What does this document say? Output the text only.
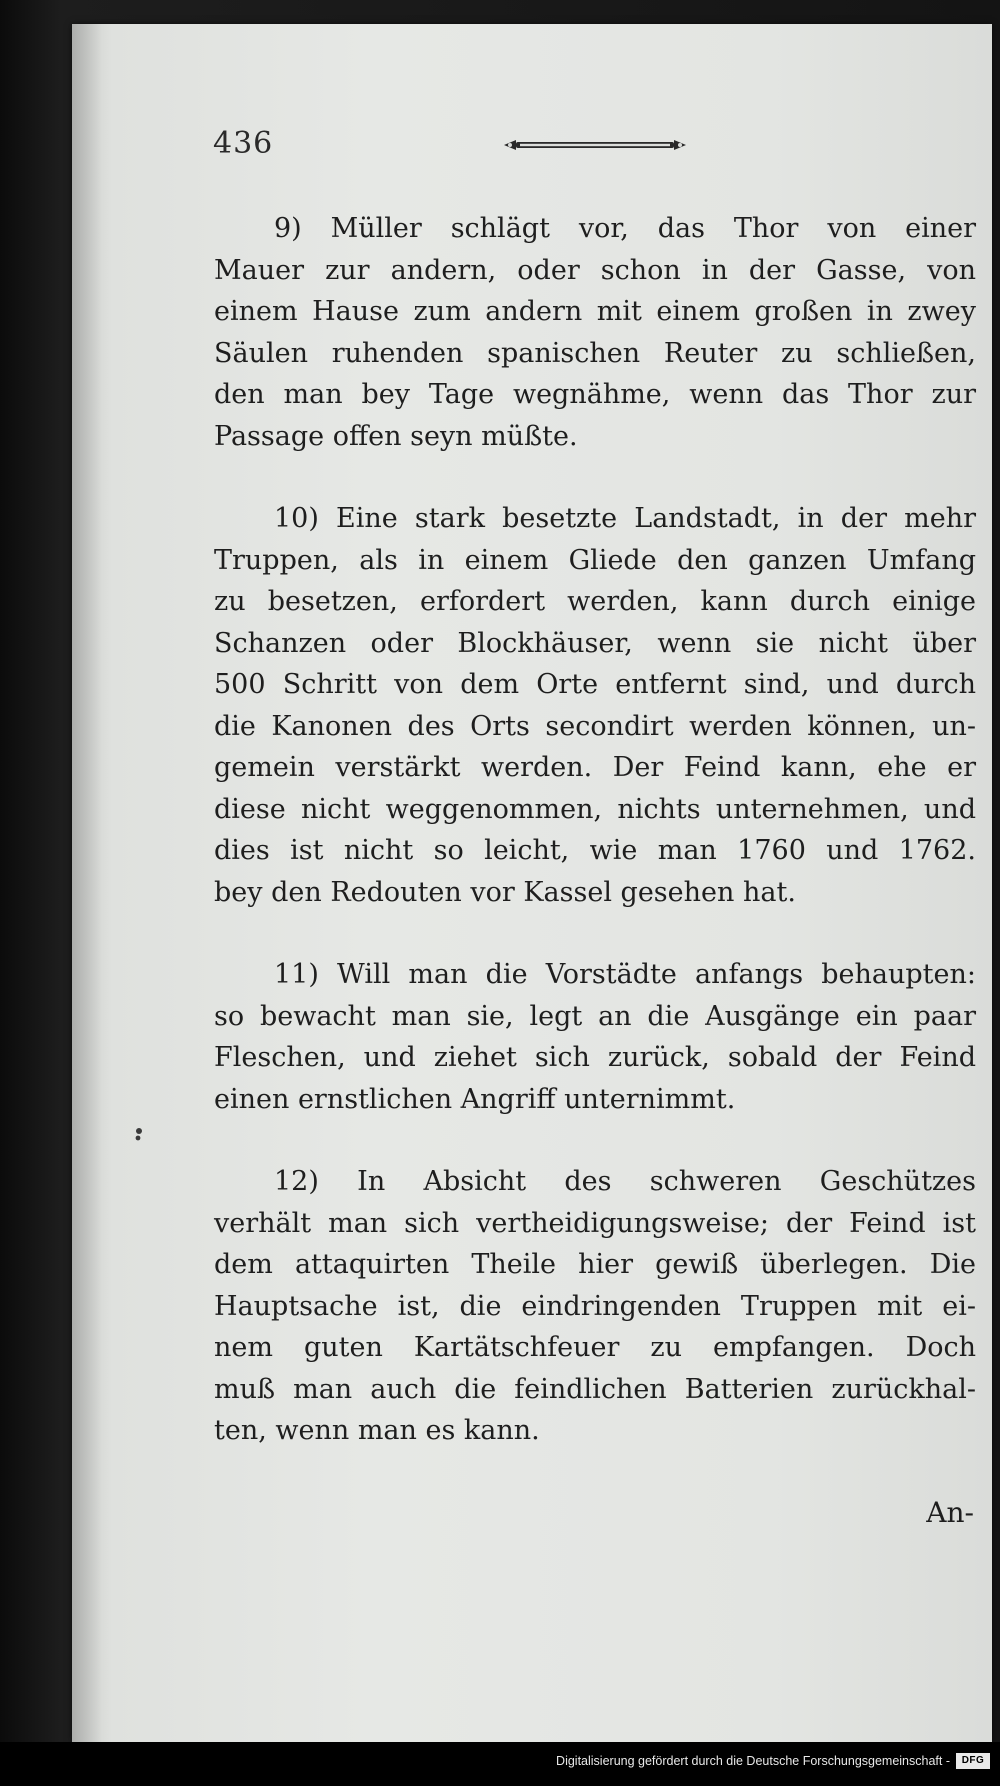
436

9) Müller schlägt vor, das Thor von einer
Mauer zur andern, oder schon in der Gasse, von
einem Hause zum andern mit einem großen in zwey
Säulen ruhenden spanischen Reuter zu schließen,
den man bey Tage wegnähme, wenn das Thor zur
Passage offen seyn müßte.

10) Eine stark besetzte Landstadt, in der mehr
Truppen, als in einem Gliede den ganzen Umfang
zu besetzen, erfordert werden, kann durch einige
Schanzen oder Blockhäuser, wenn sie nicht über
500 Schritt von dem Orte entfernt sind, und durch
die Kanonen des Orts secondirt werden können, un-
gemein verstärkt werden. Der Feind kann, ehe er
diese nicht weggenommen, nichts unternehmen, und
dies ist nicht so leicht, wie man 1760 und 1762.
bey den Redouten vor Kassel gesehen hat.

11) Will man die Vorstädte anfangs behaupten:
so bewacht man sie, legt an die Ausgänge ein paar
Fleschen, und ziehet sich zurück, sobald der Feind
einen ernstlichen Angriff unternimmt.

12) In Absicht des schweren Geschützes
verhält man sich vertheidigungsweise; der Feind ist
dem attaquirten Theile hier gewiß überlegen. Die
Hauptsache ist, die eindringenden Truppen mit ei-
nem guten Kartätschfeuer zu empfangen. Doch
muß man auch die feindlichen Batterien zurückhal-
ten, wenn man es kann.

An-
Digitalisierung gefördert durch die Deutsche Forschungsgemeinschaft -	DFG
